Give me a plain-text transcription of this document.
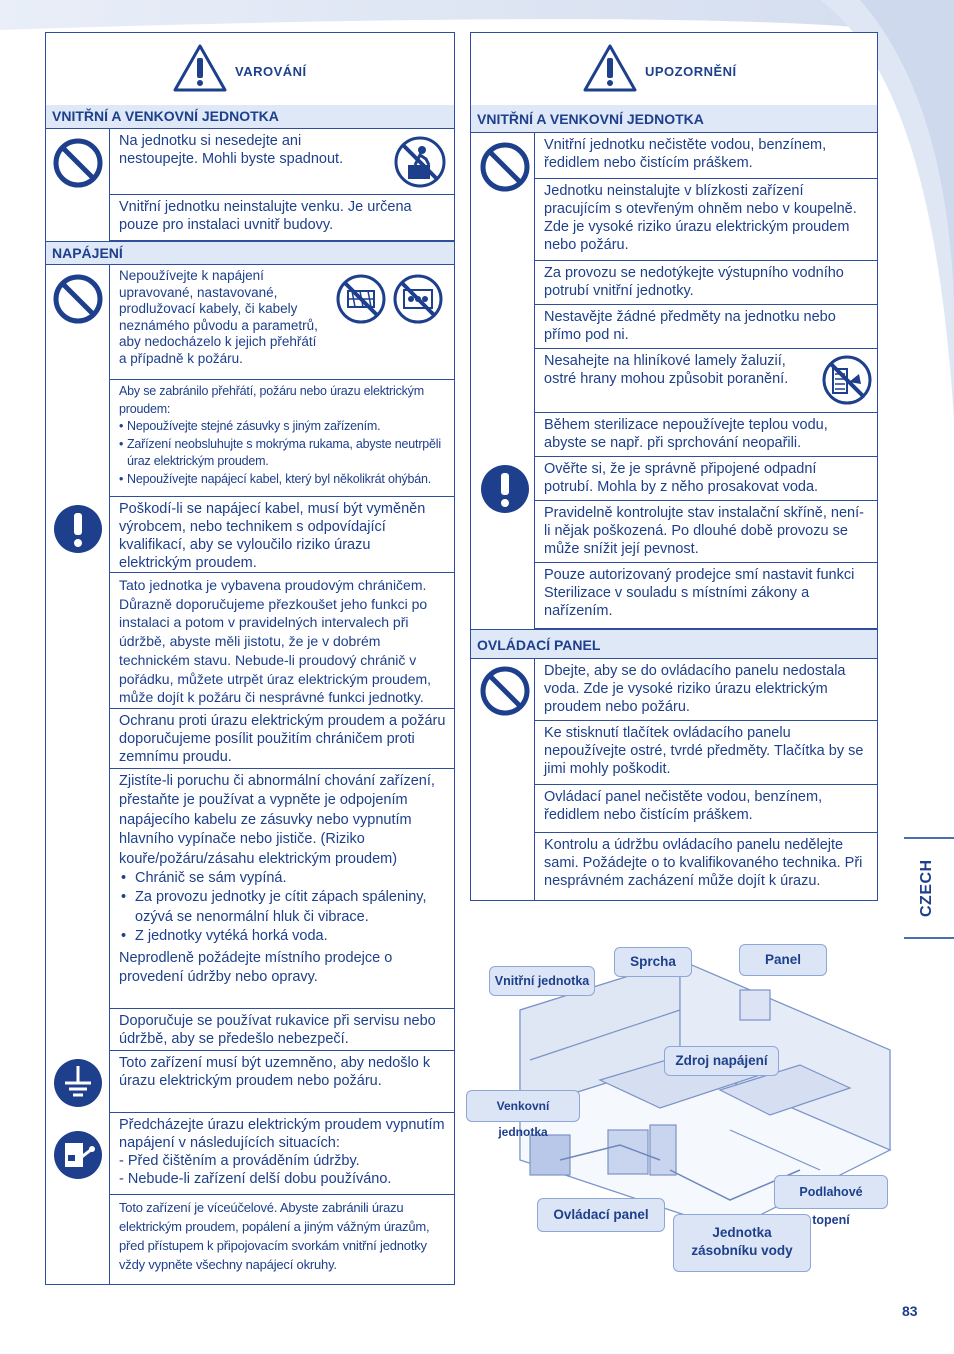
VAROVÁNÍ
VNITŘNÍ A VENKOVNÍ JEDNOTKA
Na jednotku si nesedejte ani nestoupejte. Mohli byste spadnout.
Vnitřní jednotku neinstalujte venku. Je určena pouze pro instalaci uvnitř budovy.
NAPÁJENÍ
Nepoužívejte k napájení upravované, nastavované, prodlužovací kabely, či kabely neznámého původu a parametrů, aby nedocházelo k jejich přehřátí a případně k požáru.

Aby se zabránilo přehřátí, požáru nebo úrazu elektrickým proudem:

• Nepoužívejte stejné zásuvky s jiným zařízením.
• Zařízení neobsluhujte s mokrýma rukama, abyste neutrpěli úraz elektrickým proudem.
• Nepoužívejte napájecí kabel, který byl několikrát ohýbán.
Poškodí-li se napájecí kabel, musí být vyměněn výrobcem, nebo technikem s odpovídající kvalifikací, aby se vyloučilo riziko úrazu elektrickým proudem.
Tato jednotka je vybavena proudovým chráničem. Důrazně doporučujeme přezkoušet jeho funkci po instalaci a potom v pravidelných intervalech při údržbě, abyste měli jistotu, že je v dobrém technickém stavu. Nebude-li proudový chránič v pořádku, můžete utrpět úraz elektrickým proudem, může dojít k požáru či nesprávné funkci jednotky.
Ochranu proti úrazu elektrickým proudem a požáru doporučujeme posílit použitím chráničem proti zemnímu proudu.

Zjistíte-li poruchu či abnormální chování zařízení, přestaňte je používat a vypněte je odpojením napájecího kabelu ze zásuvky nebo vypnutím hlavního vypínače nebo jističe. (Riziko kouře/požáru/zásahu elektrickým proudem)

• Chránič se sám vypíná.
• Za provozu jednotky je cítit zápach spáleniny, ozývá se nenormální hluk či vibrace.
• Z jednotky vytéká horká voda.

Neprodleně požádejte místního prodejce o provedení údržby nebo opravy.

Doporučuje se používat rukavice při servisu nebo údržbě, aby se předešlo nebezpečí.
Toto zařízení musí být uzemněno, aby nedošlo k úrazu elektrickým proudem nebo požáru.

Předcházejte úrazu elektrickým proudem vypnutím napájení v následujících situacích:

- Před čištěním a prováděním údržby.
- Nebude-li zařízení delší dobu používáno.
Toto zařízení je víceúčelové. Abyste zabránili úrazu elektrickým proudem, popálení a jiným vážným úrazům, před přístupem k připojovacím svorkám vnitřní jednotky vždy vypněte všechny napájecí okruhy.
UPOZORNĚNÍ
VNITŘNÍ A VENKOVNÍ JEDNOTKA
Vnitřní jednotku nečistěte vodou, benzínem, ředidlem nebo čistícím práškem.
Jednotku neinstalujte v blízkosti zařízení pracujícím s otevřeným ohněm nebo v koupelně. Zde je vysoké riziko úrazu elektrickým proudem nebo požáru.
Za provozu se nedotýkejte výstupního vodního potrubí vnitřní jednotky.
Nestavějte žádné předměty na jednotku nebo přímo pod ni.
Nesahejte na hliníkové lamely žaluzií, ostré hrany mohou způsobit poranění.
Během sterilizace nepoužívejte teplou vodu, abyste se např. při sprchování neopařili.
Ověřte si, že je správně připojené odpadní potrubí. Mohla by z něho prosakovat voda.
Pravidelně kontrolujte stav instalační skříně, není-li nějak poškozená. Po dlouhé době provozu se může snížit její pevnost.
Pouze autorizovaný prodejce smí nastavit funkci Sterilizace v souladu s místními zákony a nařízením.
OVLÁDACÍ PANEL
Dbejte, aby se do ovládacího panelu nedostala voda. Zde je vysoké riziko úrazu elektrickým proudem nebo požáru.
Ke stisknutí tlačítek ovládacího panelu nepoužívejte ostré, tvrdé předměty. Tlačítka by se jimi mohly poškodit.
Ovládací panel nečistěte vodou, benzínem, ředidlem nebo čistícím práškem.
Kontrolu a údržbu ovládacího panelu nedělejte sami. Požádejte o to kvalifikovaného technika. Při nesprávném zacházení může dojít k úrazu.	CZECH
Vnitřní jednotka
Sprcha	Panel
Zdroj napájení
Venkovní jednotka
Podlahové topení
Ovládací panel
Jednotka zásobníku vody
83
